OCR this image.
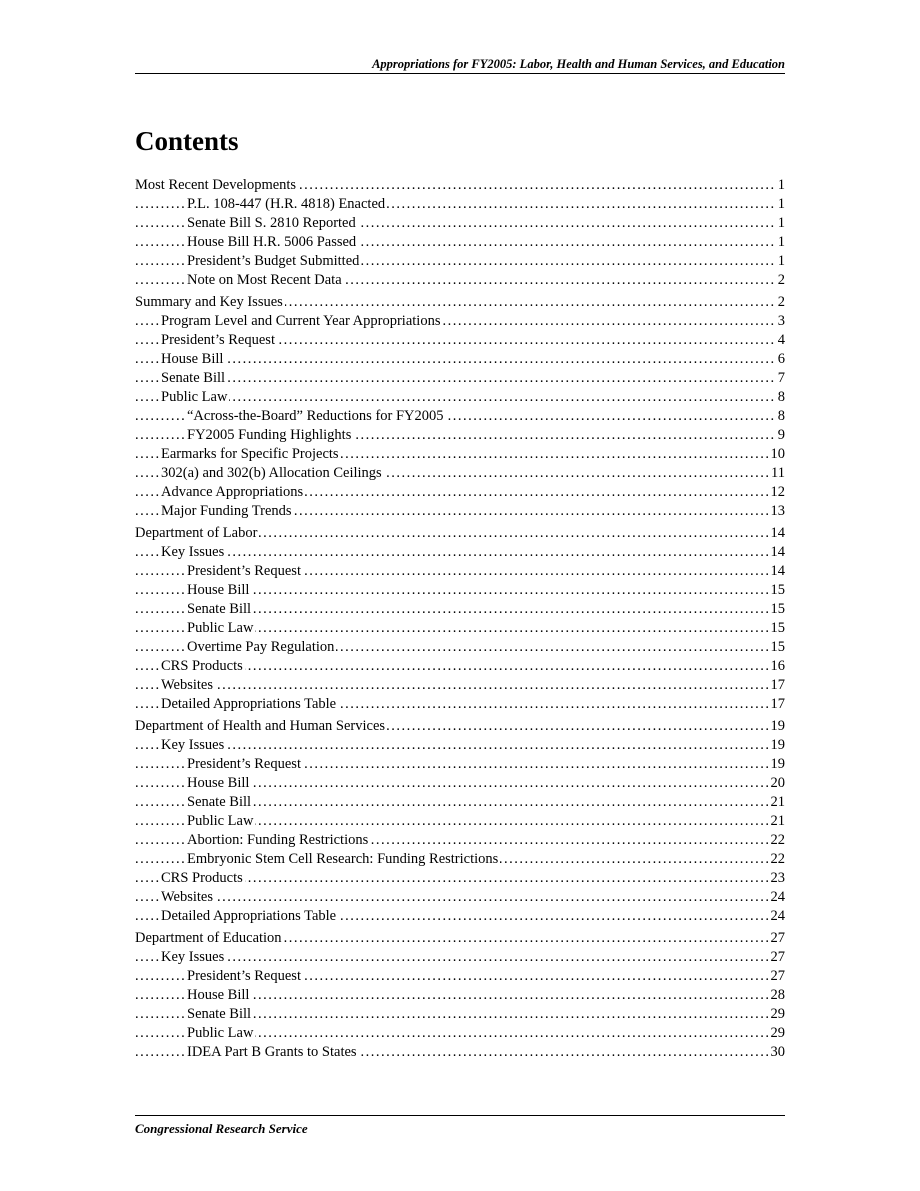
Appropriations for FY2005: Labor, Health and Human Services, and Education
Contents
.....
Most Recent Developments	1
.....
P.L. 108-447 (H.R. 4818) Enacted	1
.....
Senate Bill S. 2810 Reported	1
.....
House Bill H.R. 5006 Passed	1
.....
President’s Budget Submitted	1
.....
Note on Most Recent Data	2
.....
Summary and Key Issues	2
.....
Program Level and Current Year Appropriations	3
.....
President’s Request	4
.....
House Bill	6
.....
Senate Bill	7
.....
Public Law	8
.....
“Across-the-Board” Reductions for FY2005	8
.....
FY2005 Funding Highlights	9
.....
Earmarks for Specific Projects	10
.....
302(a) and 302(b) Allocation Ceilings	11
.....
Advance Appropriations	12
.....
Major Funding Trends	13
.....
Department of Labor	14
.....
Key Issues	14
.....
President’s Request	14
.....
House Bill	15
.....
Senate Bill	15
.....
Public Law	15
.....
Overtime Pay Regulation	15
.....
CRS Products	16
.....
Websites	17
.....
Detailed Appropriations Table	17
.....
Department of Health and Human Services	19
.....
Key Issues	19
.....
President’s Request	19
.....
House Bill	20
.....
Senate Bill	21
.....
Public Law	21
.....
Abortion: Funding Restrictions	22
.....
Embryonic Stem Cell Research: Funding Restrictions	22
.....
CRS Products	23
.....
Websites	24
.....
Detailed Appropriations Table	24
.....
Department of Education	27
.....
Key Issues	27
.....
President’s Request	27
.....
House Bill	28
.....
Senate Bill	29
.....
Public Law	29
.....
IDEA Part B Grants to States	30
Congressional Research Service
